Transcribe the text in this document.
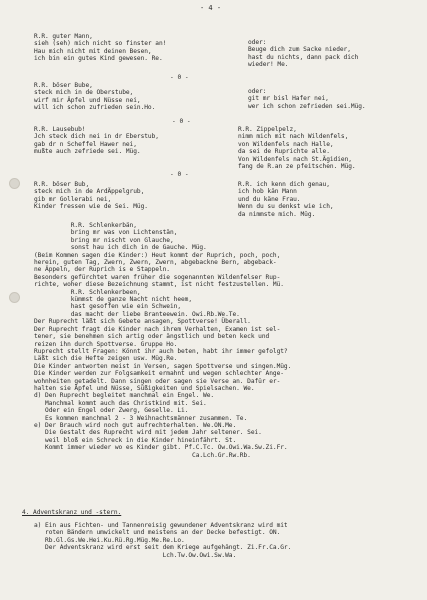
- 4 -
R.R. guter Mann,
sieh (seh) mich nicht so finster an!
Hau mich nicht mit deinen Besen,
ich bin ein gutes Kind gewesen. Re.
oder:
Beuge dich zum Sacke nieder,
hast du nichts, dann pack dich
wieder! Me.
- 0 -
R.R. böser Bube,
steck mich in de Oberstube,
wirf mir Äpfel und Nüsse nei,
will ich schon zufrieden sein.Ho.
oder:
git mr bisl Hafer nei,
wer ich schon zefrieden sei.Müg.
- 0 -
R.R. Lausebub!
Jch steck dich nei in dr Eberstub,
gab dr n Scheffel Hawer nei,
mußte auch zefriede sei. Müg.
R.R. Zippelpelz,
nimm mich mit nach Wildenfels,
von Wildenfels nach Halle,
da sei de Ruprichte alle.
Von Wildenfels nach St.Ägidien,
fang de R.an ze pfeitschen. Müg.
- 0 -
R.R. böser Bub,
steck mich in de ArdÄppelgrub,
gib mr Gollerabi nei,
Kinder fressen wie de Sei. Müg.
R.R. ich kenn dich genau,
ich hob kän Mann
und du käne Frau.
Wenn du su denkst wie ich,
da nimmste mich. Müg.
R.R. Schlenkerbän,
bring mr was von Lichtenstän,
bring mr nischt von Glauche,
sonst hau ich dich in de Gauche. Müg.
(Beim Kommen sagen die Kinder:) Heut kommt der Ruprich, poch, poch,
herein, guten Tag, Zwern, Zwern, Zwern, abgebackne Bern, abgeback-
ne Äppeln, der Ruprich is e Stappeln.
Besonders gefürchtet waren früher die sogenannten Wildenfelser Rup-
richte, woher diese Bezeichnung stammt, ist nicht festzustellen. Mü.
R.R. Schlenkerbeen,
kümmst de ganze Nacht nicht heem,
hast gesoffen wie ein Schwein,
das macht der liebe Branteewein. Owi.Rb.We.Te.
Der Ruprecht läßt sich Gebete ansagen, Spottverse! Überall.
Der Ruprecht fragt die Kinder nach ihrem Verhalten, Examen ist sel-
tener, sie benehmen sich artig oder ängstlich und beten keck und
reizen ihn durch Spottverse. Gruppe Ho.
Ruprecht stellt Fragen: Könnt ihr auch beten, habt ihr immer gefolgt?
Läßt sich die Hefte zeigen usw. Müg.Re.
Die Kinder antworten meist in Versen, sagen Spottverse und singen.Müg.
Die Kinder werden zur Folgsamkeit ermahnt und wegen schlechter Ange-
wohnheiten getadelt. Dann singen oder sagen sie Verse an. Dafür er-
halten sie Äpfel und Nüsse, Süßigkeiten und Spielsachen. We.
d) Den Ruprecht begleitet manchmal ein Engel. We.
Manchmal kommt auch das Christkind mit. Sei.
Oder ein Engel oder Zwerg, Geselle. Li.
Es kommen manchmal 2 - 3 Weihnachtsmänner zusammen. Te.
e) Der Brauch wird noch gut aufrechterhalten. We.ON.Me.
Die Gestalt des Ruprecht wird mit jedem Jahr seltener. Sei.
weil bloß ein Schreck in die Kinder hineinfährt. St.
Kommt immer wieder wo es Kinder gibt. Pf.C.Tc. Ow.Owi.Wa.Sw.Zi.Fr.
Ca.Lch.Gr.Rw.Rb.
4. Adventskranz und -stern.
a) Ein aus Fichten- und Tannenreisig gewundener Adventskranz wird mit
roten Bändern umwickelt und meistens an der Decke befestigt. ON.
Rb.Gl.Gs.We.Hei.Ku.Rü.Rg.Müg.Me.Re.Lo.
Der Adventskranz wird erst seit dem Kriege aufgehängt. Zi.Fr.Ca.Gr.
Lch.Tw.Ow.Owi.Sw.Wa.
